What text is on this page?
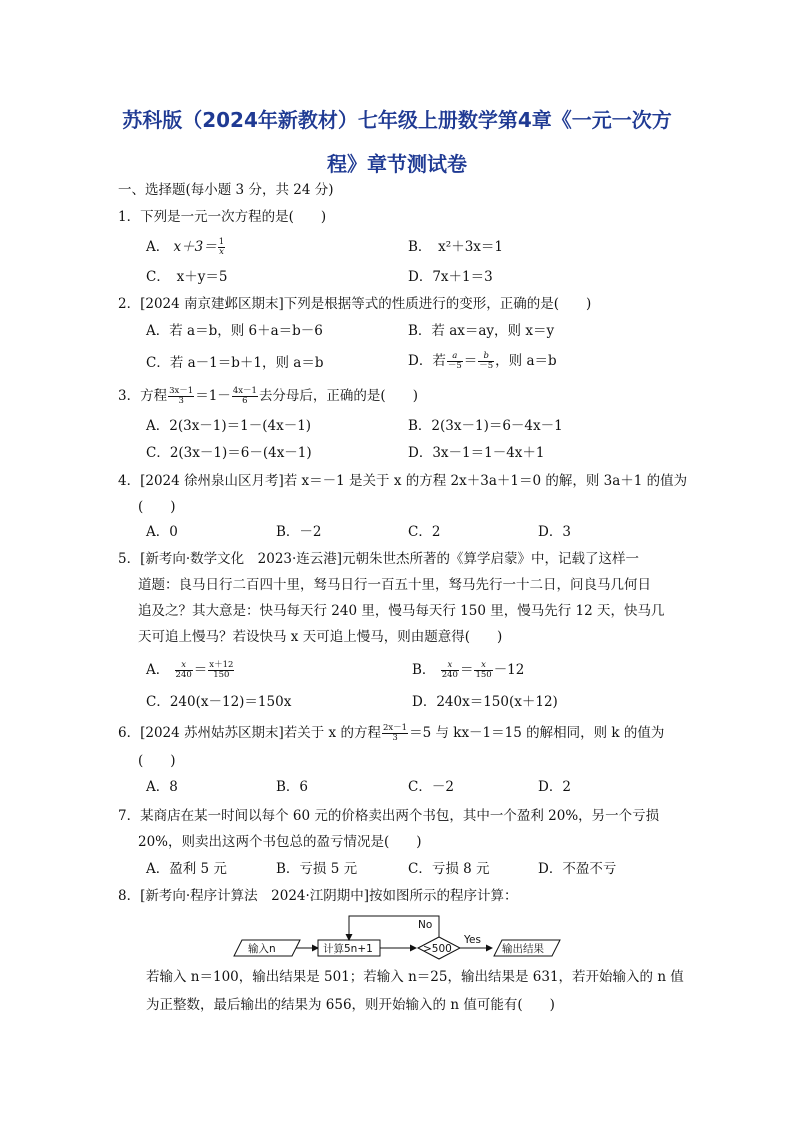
苏科版（2024年新教材）七年级上册数学第4章《一元一次方
程》章节测试卷
一、选择题(每小题 3 分，共 24 分)
1．下列是一元一次方程的是(　　)
A． $x+3= \frac{1}{x}$	B．　x²＋3x＝1
C．　x＋y＝5	D．7x＋1＝3
2．[2024 南京建邺区期末]下列是根据等式的性质进行的变形，正确的是(　　)
A．若 a＝b，则 6＋a＝b－6	B．若 ax＝ay，则 x＝y
C．若 a－1＝b＋1，则 a＝b	D．若 $\frac{a}{-5} = \frac{b}{-5}$ ，则 a＝b
3．方程 $\frac{3x-1}{3} =1- \frac{4x-1}{6}$ 去分母后，正确的是(　　)
A．2(3x－1)＝1－(4x－1)	B．2(3x－1)＝6－4x－1
C．2(3x－1)＝6－(4x－1)	D．3x－1＝1－4x＋1
4．[2024 徐州泉山区月考]若 x＝－1 是关于 x 的方程 2x＋3a＋1＝0 的解，则 3a＋1 的值为
(　　)
A．0	B．－2	C．2	D．3
5．[新考向·数学文化　2023·连云港]元朝朱世杰所著的《算学启蒙》中，记载了这样一
道题：良马日行二百四十里，驽马日行一百五十里，驽马先行一十二日，问良马几何日
追及之？其大意是：快马每天行 240 里，慢马每天行 150 里，慢马先行 12 天，快马几
天可追上慢马？若设快马 x 天可追上慢马，则由题意得(　　)
A． $\frac{x}{240} = \frac{x+12}{150}$	B． $\frac{x}{240} = \frac{x}{150} -12$
C．240(x－12)＝150x	D．240x＝150(x＋12)
6．[2024 苏州姑苏区期末]若关于 x 的方程 $\frac{2x-1}{3} =5$ 与 kx－1＝15 的解相同，则 k 的值为
(　　)
A．8	B．6	C．－2	D．2
7．某商店在某一时间以每个 60 元的价格卖出两个书包，其中一个盈利 20%，另一个亏损
20%，则卖出这两个书包总的盈亏情况是(　　)
A．盈利 5 元	B．亏损 5 元	C．亏损 8 元	D．不盈不亏
8．[新考向·程序计算法　2024·江阴期中]按如图所示的程序计算：
输入n	计算5n+1	>500
No
Yes
输出结果
若输入 n＝100，输出结果是 501；若输入 n＝25，输出结果是 631，若开始输入的 n 值
为正整数，最后输出的结果为 656，则开始输入的 n 值可能有(　　)
